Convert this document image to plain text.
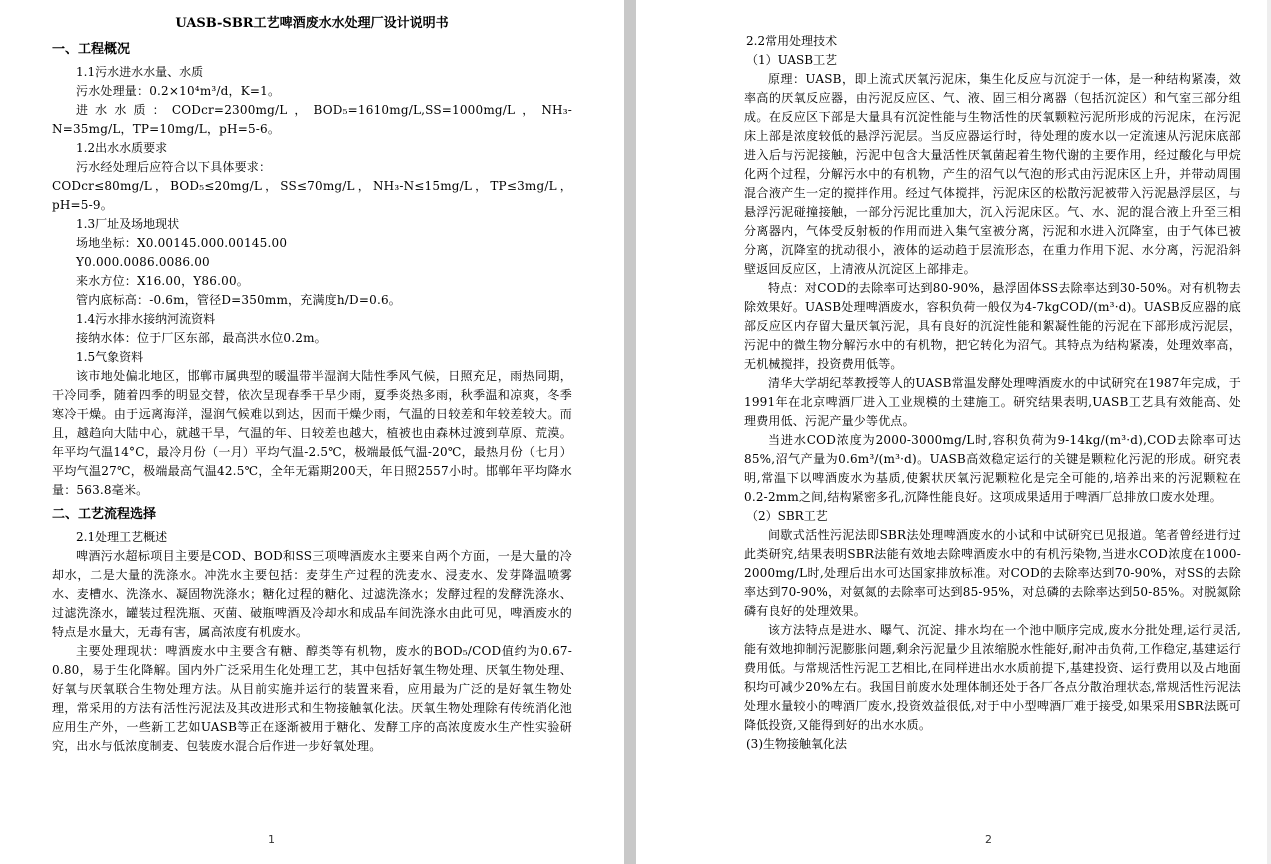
UASB-SBR工艺啤酒废水水处理厂设计说明书
一、工程概况
1.1污水进水水量、水质
污水处理量：0.2×10⁴m³/d，K=1。
进水水质：CODcr=2300mg/L，BOD₅=1610mg/L,SS=1000mg/L，NH₃-N=35mg/L，TP=10mg/L，pH=5-6。
1.2出水水质要求
污水经处理后应符合以下具体要求：
CODcr≤80mg/L，BOD₅≤20mg/L，SS≤70mg/L，NH₃-N≤15mg/L，TP≤3mg/L，pH=5-9。
1.3厂址及场地现状
场地坐标：X0.00145.000.00145.00
Y0.000.0086.0086.00
来水方位：X16.00，Y86.00。
管内底标高：-0.6m，管径D=350mm，充满度h/D=0.6。
1.4污水排水接纳河流资料
接纳水体：位于厂区东部，最高洪水位0.2m。
1.5气象资料
该市地处偏北地区，邯郸市属典型的暖温带半湿润大陆性季风气候，日照充足，雨热同期，干冷同季，随着四季的明显交替，依次呈现春季干旱少雨，夏季炎热多雨，秋季温和凉爽，冬季寒冷干燥。由于远离海洋，湿润气候难以到达，因而干燥少雨，气温的日较差和年较差较大。而且，越趋向大陆中心，就越干旱，气温的年、日较差也越大，植被也由森林过渡到草原、荒漠。年平均气温14°C，最冷月份（一月）平均气温-2.5℃，极端最低气温-20℃，最热月份（七月）平均气温27℃，极端最高气温42.5℃，全年无霜期200天，年日照2557小时。邯郸年平均降水量：563.8毫米。
二、工艺流程选择
2.1处理工艺概述
啤酒污水超标项目主要是COD、BOD和SS三项啤酒废水主要来自两个方面，一是大量的冷却水，二是大量的洗涤水。冲洗水主要包括：麦芽生产过程的洗麦水、浸麦水、发芽降温喷雾水、麦槽水、洗涤水、凝固物洗涤水；糖化过程的糖化、过滤洗涤水；发酵过程的发酵洗涤水、过滤洗涤水，罐装过程洗瓶、灭菌、破瓶啤酒及冷却水和成品车间洗涤水由此可见，啤酒废水的特点是水量大，无毒有害，属高浓度有机废水。
主要处理现状：啤酒废水中主要含有糖、醇类等有机物，废水的BOD₅/COD值约为0.67-0.80，易于生化降解。国内外广泛采用生化处理工艺，其中包括好氧生物处理、厌氧生物处理、好氧与厌氧联合生物处理方法。从目前实施并运行的装置来看，应用最为广泛的是好氧生物处理，常采用的方法有活性污泥法及其改进形式和生物接触氧化法。厌氧生物处理除有传统消化池应用生产外，一些新工艺如UASB等正在逐渐被用于糖化、发酵工序的高浓度废水生产性实验研究，出水与低浓度制麦、包装废水混合后作进一步好氧处理。
1
2.2常用处理技术
（1）UASB工艺
原理：UASB，即上流式厌氧污泥床，集生化反应与沉淀于一体，是一种结构紧凑，效率高的厌氧反应器，由污泥反应区、气、液、固三相分离器（包括沉淀区）和气室三部分组成。在反应区下部是大量具有沉淀性能与生物活性的厌氧颗粒污泥所形成的污泥床，在污泥床上部是浓度较低的悬浮污泥层。当反应器运行时，待处理的废水以一定流速从污泥床底部进入后与污泥接触，污泥中包含大量活性厌氧菌起着生物代谢的主要作用，经过酸化与甲烷化两个过程，分解污水中的有机物，产生的沼气以气泡的形式由污泥床区上升，并带动周围混合液产生一定的搅拌作用。经过气体搅拌，污泥床区的松散污泥被带入污泥悬浮层区，与悬浮污泥碰撞接触，一部分污泥比重加大，沉入污泥床区。气、水、泥的混合液上升至三相分离器内，气体受反射板的作用而进入集气室被分离，污泥和水进入沉降室，由于气体已被分离，沉降室的扰动很小，液体的运动趋于层流形态，在重力作用下泥、水分离，污泥沿斜壁返回反应区，上清液从沉淀区上部排走。
特点：对COD的去除率可达到80-90%，悬浮固体SS去除率达到30-50%。对有机物去除效果好。UASB处理啤酒废水，容积负荷一般仅为4-7kgCOD/(m³·d)。UASB反应器的底部反应区内存留大量厌氧污泥，具有良好的沉淀性能和絮凝性能的污泥在下部形成污泥层，污泥中的微生物分解污水中的有机物，把它转化为沼气。其特点为结构紧凑，处理效率高，无机械搅拌，投资费用低等。
清华大学胡纪萃教授等人的UASB常温发酵处理啤酒废水的中试研究在1987年完成，于1991年在北京啤酒厂进入工业规模的土建施工。研究结果表明,UASB工艺具有效能高、处理费用低、污泥产量少等优点。
当进水COD浓度为2000-3000mg/L时,容积负荷为9-14kg/(m³·d),COD去除率可达85%,沼气产量为0.6m³/(m³·d)。UASB高效稳定运行的关键是颗粒化污泥的形成。研究表明,常温下以啤酒废水为基质,使絮状厌氧污泥颗粒化是完全可能的,培养出来的污泥颗粒在0.2-2mm之间,结构紧密多孔,沉降性能良好。这项成果适用于啤酒厂总排放口废水处理。
（2）SBR工艺
间歇式活性污泥法即SBR法处理啤酒废水的小试和中试研究已见报道。笔者曾经进行过此类研究,结果表明SBR法能有效地去除啤酒废水中的有机污染物,当进水COD浓度在1000-2000mg/L时,处理后出水可达国家排放标准。对COD的去除率达到70-90%，对SS的去除率达到70-90%，对氨氮的去除率可达到85-95%，对总磷的去除率达到50-85%。对脱氮除磷有良好的处理效果。
该方法特点是进水、曝气、沉淀、排水均在一个池中顺序完成,废水分批处理,运行灵活,能有效地抑制污泥膨胀问题,剩余污泥量少且浓缩脱水性能好,耐冲击负荷,工作稳定,基建运行费用低。与常规活性污泥工艺相比,在同样进出水水质前提下,基建投资、运行费用以及占地面积均可减少20%左右。我国目前废水处理体制还处于各厂各点分散治理状态,常规活性污泥法处理水量较小的啤酒厂废水,投资效益很低,对于中小型啤酒厂难于接受,如果采用SBR法既可降低投资,又能得到好的出水水质。
(3)生物接触氧化法
2
